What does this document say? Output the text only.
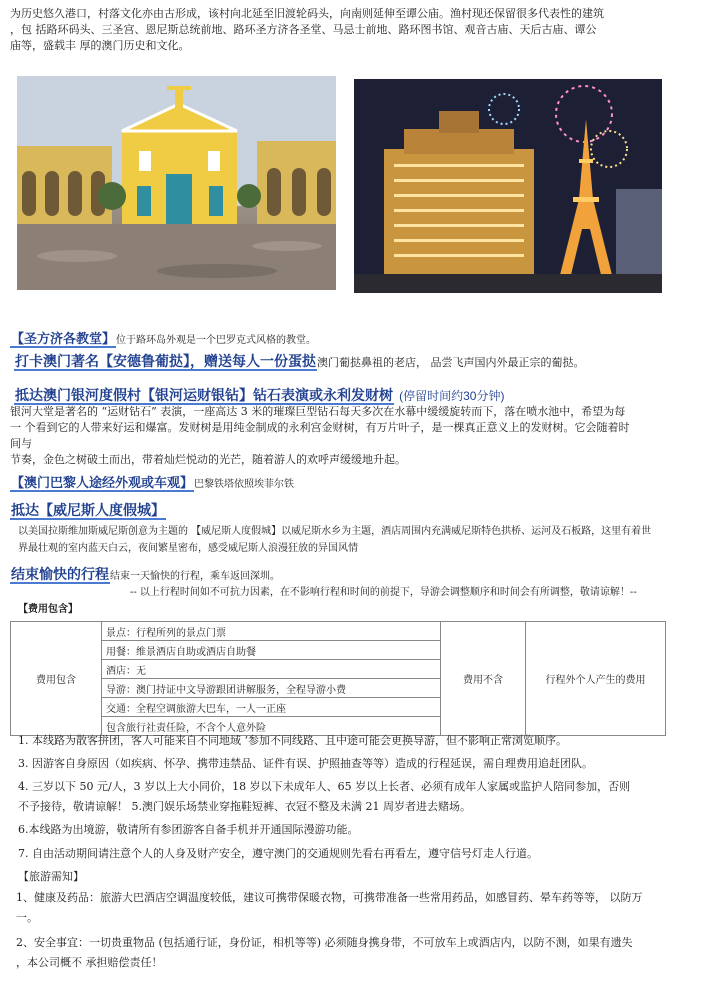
为历史悠久港口，村落文化亦由古形成，该村向北延至旧渡轮码头，向南则延伸至谭公庙。渔村现还保留很多代表性的建筑
，包 括路环码头、三圣宫、恩尼斯总统前地、路环圣方济各圣堂、马忌士前地、路环图书馆、观音古庙、天后古庙、谭公
庙等，盛载丰 厚的澳门历史和文化。
【圣方济各教堂】位于路环岛外观是一个巴罗克式风格的教堂。
打卡澳门著名【安德鲁葡挞】，赠送每人一份蛋挞澳门葡挞鼻祖的老店， 品尝飞声国内外最正宗的葡挞。
抵达澳门银河度假村【银河运财银钻】钻石表演或永利发财树 (停留时间约30分钟)
银河大堂是著名的 “运财钻石” 表演，一座高达 3 米的璀璨巨型钻石每天多次在水幕中缓缓旋转而下，落在喷水池中，希望为每
一 个看到它的人带来好运和爆富。发财树是用纯金制成的永利宫金财树，有万片叶子，是一棵真正意义上的发财树。它会随着时
间与
节奏，金色之树破土而出，带着灿烂悦动的光芒，随着游人的欢呼声缓缓地升起。
【澳门巴黎人途经外观或车观】巴黎铁塔依照埃菲尔铁
抵达【威尼斯人度假城】
以美国拉斯维加斯威尼斯创意为主题的 【威尼斯人度假城】以威尼斯水乡为主题，酒店周围内充满威尼斯特色拱桥、运河及石板路，这里有着世
界最壮观的室内蓝天白云，夜间繁星密布，感受威尼斯人浪漫狂放的异国风情
结束愉快的行程结束一天愉快的行程，乘车返回深圳。
-- 以上行程时间如不可抗力因素，在不影响行程和时间的前提下，导游会调整顺序和时间会有所调整，敬请谅解！--
【费用包含】
费用包含	景点：行程所列的景点门票	费用不含	行程外个人产生的费用
用餐：维景酒店自助或酒店自助餐
酒店：无
导游：澳门持证中文导游跟团讲解服务，全程导游小费
交通：全程空调旅游大巴车，一人一正座
包含旅行社责任险，不含个人意外险
1. 本线路为散客拼团，客人可能来自不同地域 ‘参加不同线路、且中途可能会更换导游，但不影响正常浏览顺序。
3. 因游客自身原因（如疾病、怀孕、携带违禁品、证件有误、护照抽查等等）造成的行程延误，需自理费用追赶团队。
4. 三岁以下 50 元/人，3 岁以上大小同价，18 岁以下未成年人、65 岁以上长者、必须有成年人家属或监护人陪同参加，否则
不予接待，敬请谅解！ 5.澳门娱乐场禁业穿拖鞋短裤、衣冠不整及未满 21 周岁者进去赌场。
6.本线路为出境游，敬请所有参团游客自备手机并开通国际漫游功能。
7. 自由活动期间请注意个人的人身及财产安全，遵守澳门的交通规则先看右再看左，遵守信号灯走人行道。
【旅游需知】
1、健康及药品：旅游大巴酒店空调温度较低，建议可携带保暖衣物，可携带准备一些常用药品，如感冒药、晕车药等等， 以防万
一。
2、安全事宜：一切贵重物品 (包括通行证，身份证，相机等等) 必须随身携身带，不可放车上或酒店内，以防不测，如果有遗失
，本公司概不 承担赔偿责任！
